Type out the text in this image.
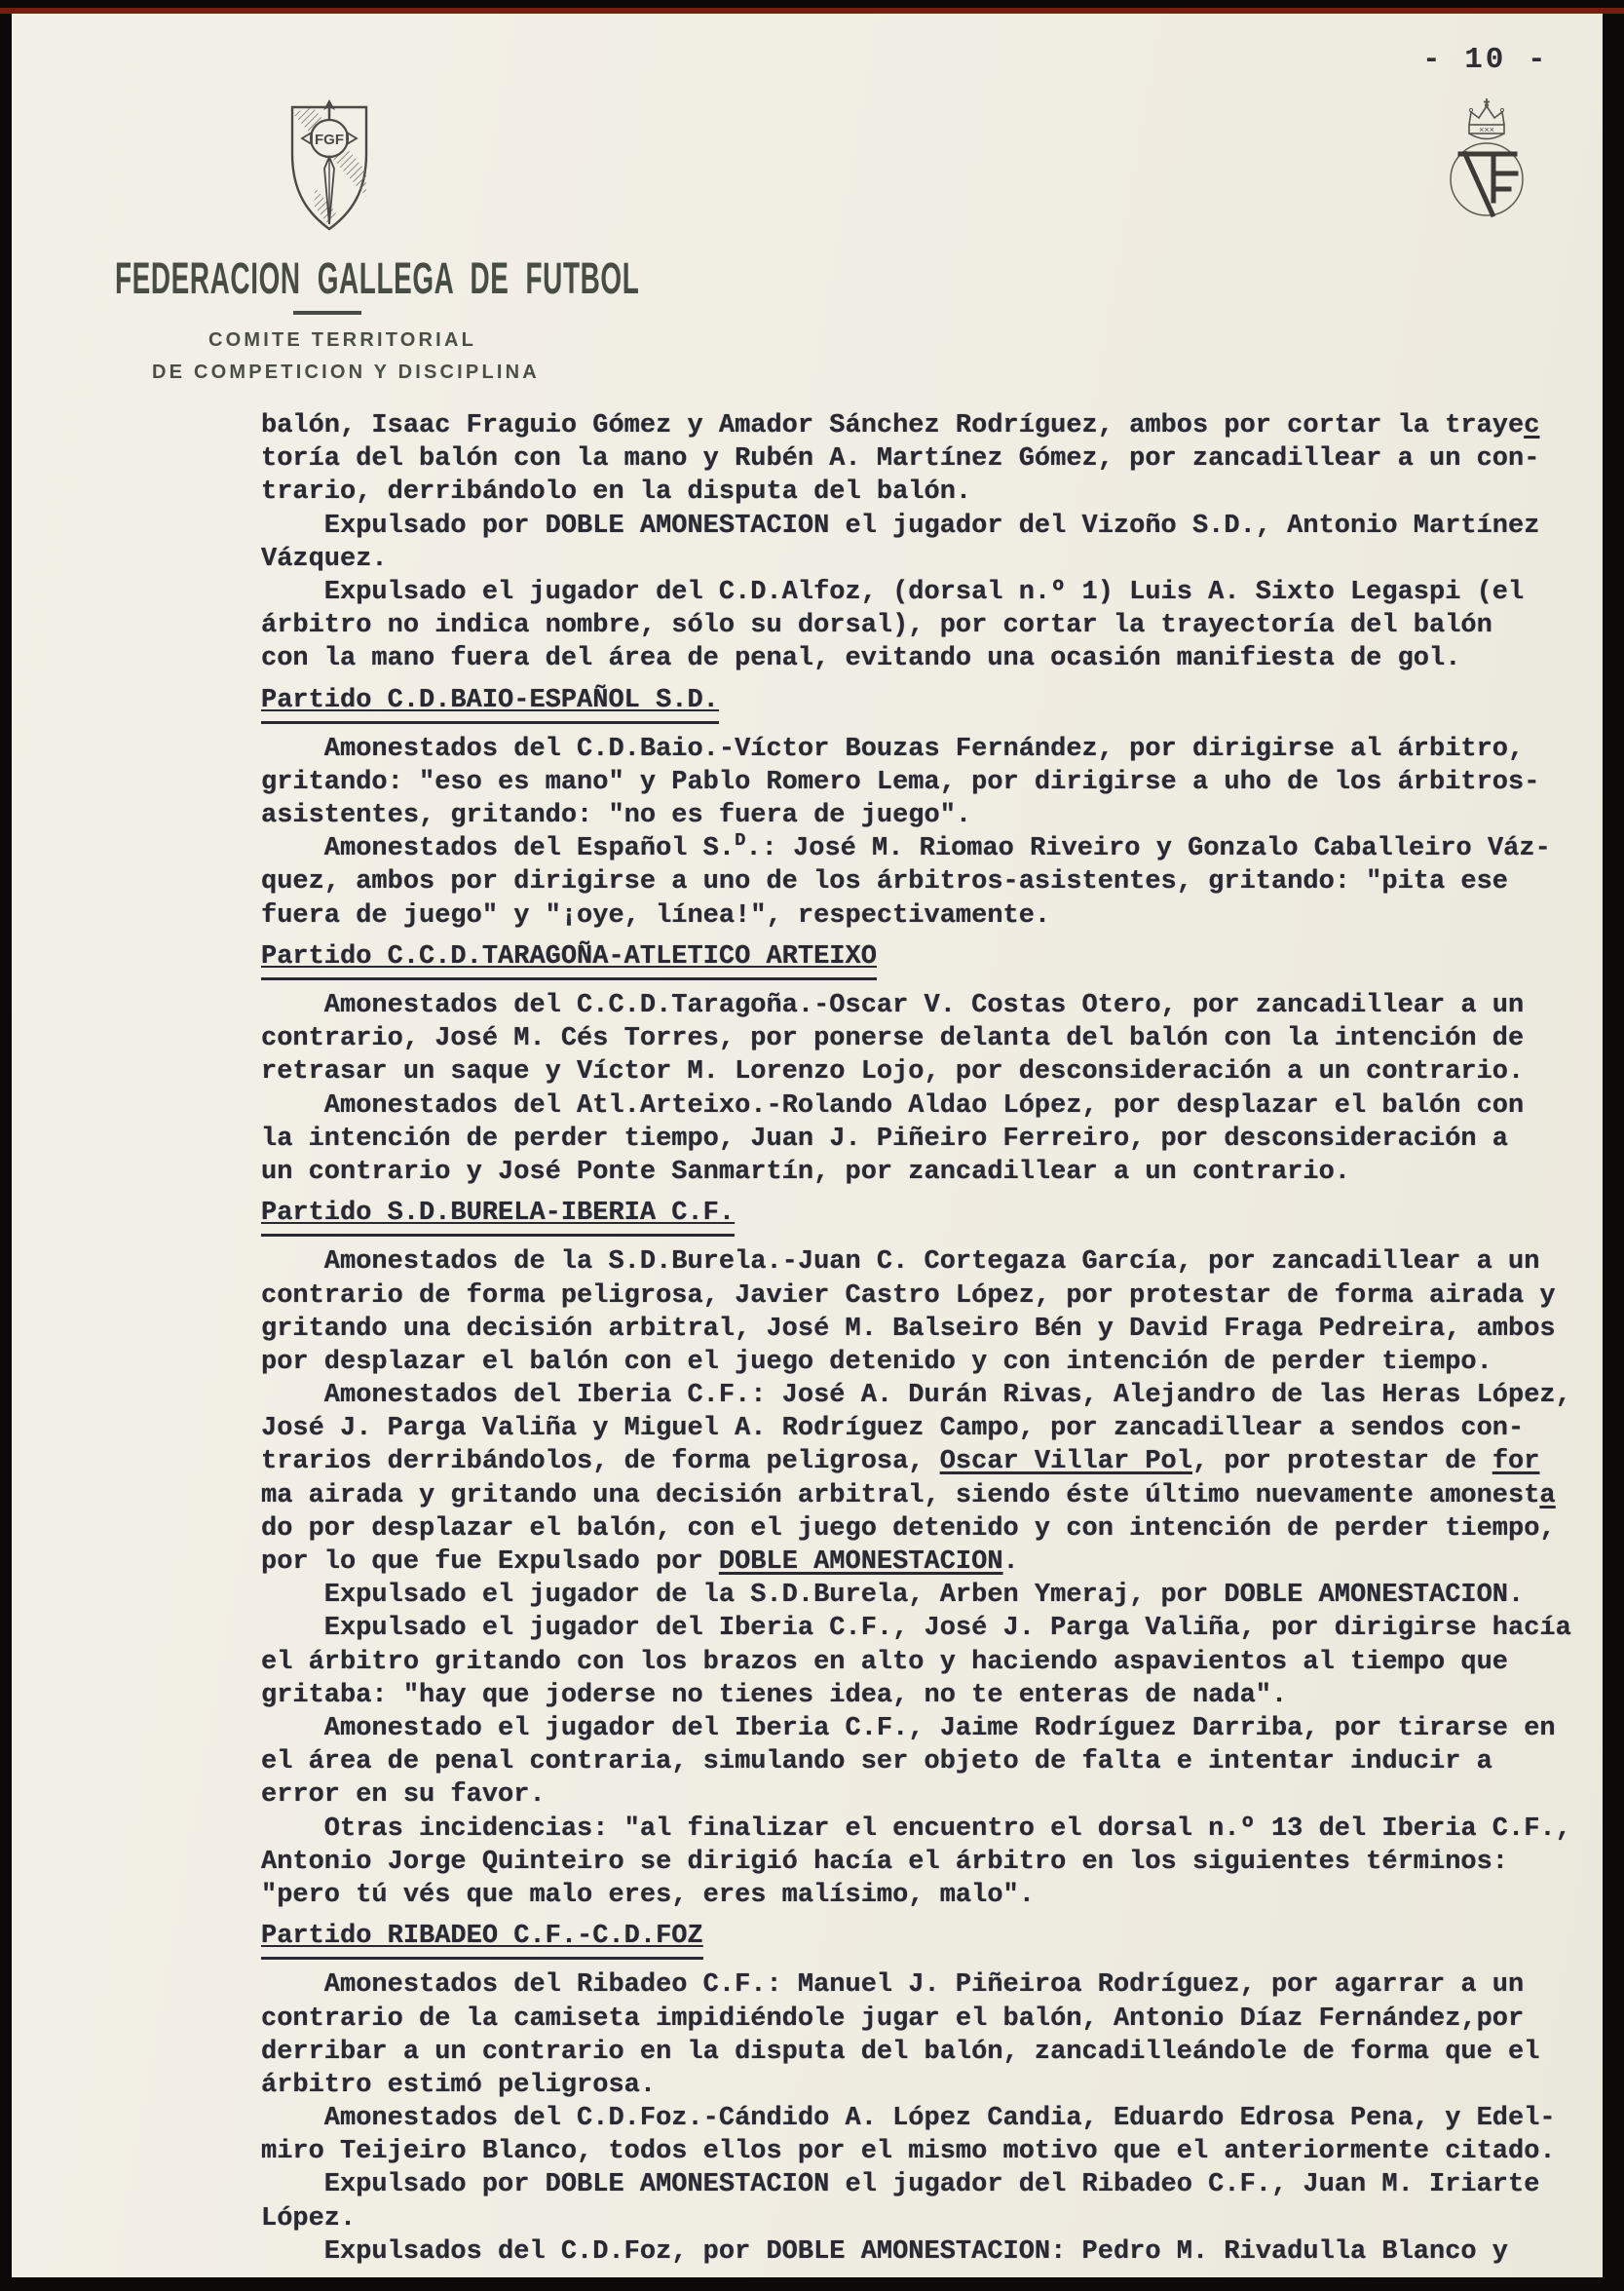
FGF
FEDERACION GALLEGA DE FUTBOL
COMITE TERRITORIAL
DE COMPETICION Y DISCIPLINA
- 10 -
×××
balón, Isaac Fraguio Gómez y Amador Sánchez Rodríguez, ambos por cortar la trayec
toría del balón con la mano y Rubén A. Martínez Gómez, por zancadillear a un con-
trario, derribándolo en la disputa del balón.
Expulsado por DOBLE AMONESTACION el jugador del Vizoño S.D., Antonio Martínez
Vázquez.
Expulsado el jugador del C.D.Alfoz, (dorsal n.º 1) Luis A. Sixto Legaspi (el
árbitro no indica nombre, sólo su dorsal), por cortar la trayectoría del balón
con la mano fuera del área de penal, evitando una ocasión manifiesta de gol.
Partido C.D.BAIO-ESPAÑOL S.D.
Amonestados del C.D.Baio.-Víctor Bouzas Fernández, por dirigirse al árbitro,
gritando: "eso es mano" y Pablo Romero Lema, por dirigirse a uho de los árbitros-
asistentes, gritando: "no es fuera de juego".
Amonestados del Español S.$^D$.: José M. Riomao Riveiro y Gonzalo Caballeiro Váz-
quez, ambos por dirigirse a uno de los árbitros-asistentes, gritando: "pita ese
fuera de juego" y "¡oye, línea!", respectivamente.
Partido C.C.D.TARAGOÑA-ATLETICO ARTEIXO
Amonestados del C.C.D.Taragoña.-Oscar V. Costas Otero, por zancadillear a un
contrario, José M. Cés Torres, por ponerse delanta del balón con la intención de
retrasar un saque y Víctor M. Lorenzo Lojo, por desconsideración a un contrario.
Amonestados del Atl.Arteixo.-Rolando Aldao López, por desplazar el balón con
la intención de perder tiempo, Juan J. Piñeiro Ferreiro, por desconsideración a
un contrario y José Ponte Sanmartín, por zancadillear a un contrario.
Partido S.D.BURELA-IBERIA C.F.
Amonestados de la S.D.Burela.-Juan C. Cortegaza García, por zancadillear a un
contrario de forma peligrosa, Javier Castro López, por protestar de forma airada y
gritando una decisión arbitral, José M. Balseiro Bén y David Fraga Pedreira, ambos
por desplazar el balón con el juego detenido y con intención de perder tiempo.
Amonestados del Iberia C.F.: José A. Durán Rivas, Alejandro de las Heras López,
José J. Parga Valiña y Miguel A. Rodríguez Campo, por zancadillear a sendos con-
trarios derribándolos, de forma peligrosa, Oscar Villar Pol, por protestar de for
ma airada y gritando una decisión arbitral, siendo éste último nuevamente amonesta
do por desplazar el balón, con el juego detenido y con intención de perder tiempo,
por lo que fue Expulsado por DOBLE AMONESTACION.
Expulsado el jugador de la S.D.Burela, Arben Ymeraj, por DOBLE AMONESTACION.
Expulsado el jugador del Iberia C.F., José J. Parga Valiña, por dirigirse hacía
el árbitro gritando con los brazos en alto y haciendo aspavientos al tiempo que
gritaba: "hay que joderse no tienes idea, no te enteras de nada".
Amonestado el jugador del Iberia C.F., Jaime Rodríguez Darriba, por tirarse en
el área de penal contraria, simulando ser objeto de falta e intentar inducir a
error en su favor.
Otras incidencias: "al finalizar el encuentro el dorsal n.º 13 del Iberia C.F.,
Antonio Jorge Quinteiro se dirigió hacía el árbitro en los siguientes términos:
"pero tú vés que malo eres, eres malísimo, malo".
Partido RIBADEO C.F.-C.D.FOZ
Amonestados del Ribadeo C.F.: Manuel J. Piñeiroa Rodríguez, por agarrar a un
contrario de la camiseta impidiéndole jugar el balón, Antonio Díaz Fernández,por
derribar a un contrario en la disputa del balón, zancadilleándole de forma que el
árbitro estimó peligrosa.
Amonestados del C.D.Foz.-Cándido A. López Candia, Eduardo Edrosa Pena, y Edel-
miro Teijeiro Blanco, todos ellos por el mismo motivo que el anteriormente citado.
Expulsado por DOBLE AMONESTACION el jugador del Ribadeo C.F., Juan M. Iriarte
López.
Expulsados del C.D.Foz, por DOBLE AMONESTACION: Pedro M. Rivadulla Blanco y
